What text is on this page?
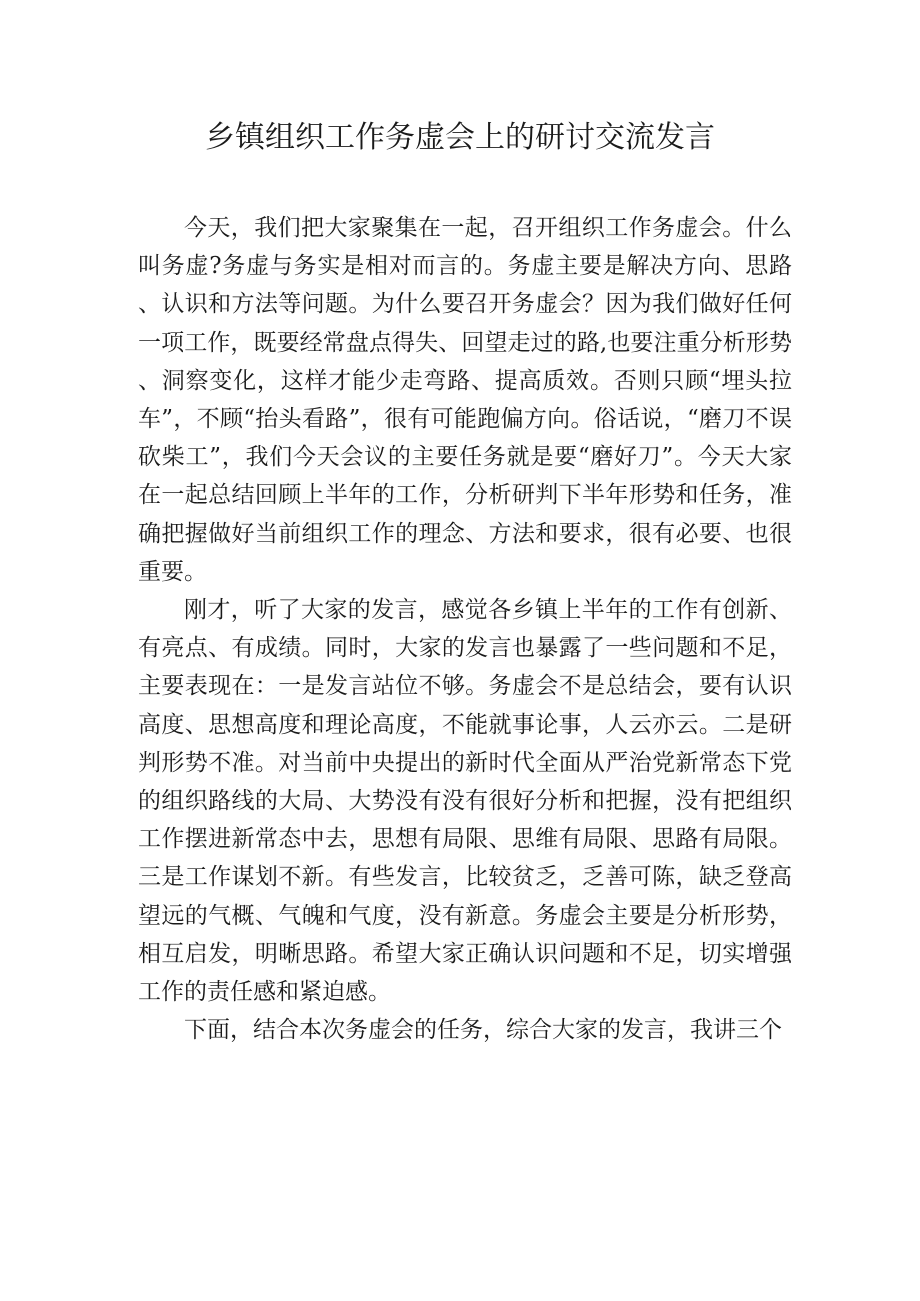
乡镇组织工作务虚会上的研讨交流发言

今天，我们把大家聚集在一起，召开组织工作务虚会。什么叫务虚?务虚与务实是相对而言的。务虚主要是解决方向、思路、认识和方法等问题。为什么要召开务虚会？因为我们做好任何一项工作，既要经常盘点得失、回望走过的路,也要注重分析形势、洞察变化，这样才能少走弯路、提高质效。否则只顾“埋头拉车”，不顾“抬头看路”，很有可能跑偏方向。俗话说，“磨刀不误砍柴工”，我们今天会议的主要任务就是要“磨好刀”。今天大家在一起总结回顾上半年的工作，分析研判下半年形势和任务，准确把握做好当前组织工作的理念、方法和要求，很有必要、也很重要。

刚才，听了大家的发言，感觉各乡镇上半年的工作有创新、有亮点、有成绩。同时，大家的发言也暴露了一些问题和不足，主要表现在：一是发言站位不够。务虚会不是总结会，要有认识高度、思想高度和理论高度，不能就事论事，人云亦云。二是研判形势不准。对当前中央提出的新时代全面从严治党新常态下党的组织路线的大局、大势没有没有很好分析和把握，没有把组织工作摆进新常态中去，思想有局限、思维有局限、思路有局限。三是工作谋划不新。有些发言，比较贫乏，乏善可陈，缺乏登高望远的气概、气魄和气度，没有新意。务虚会主要是分析形势，相互启发，明晰思路。希望大家正确认识问题和不足，切实增强工作的责任感和紧迫感。

下面，结合本次务虚会的任务，综合大家的发言，我讲三个
